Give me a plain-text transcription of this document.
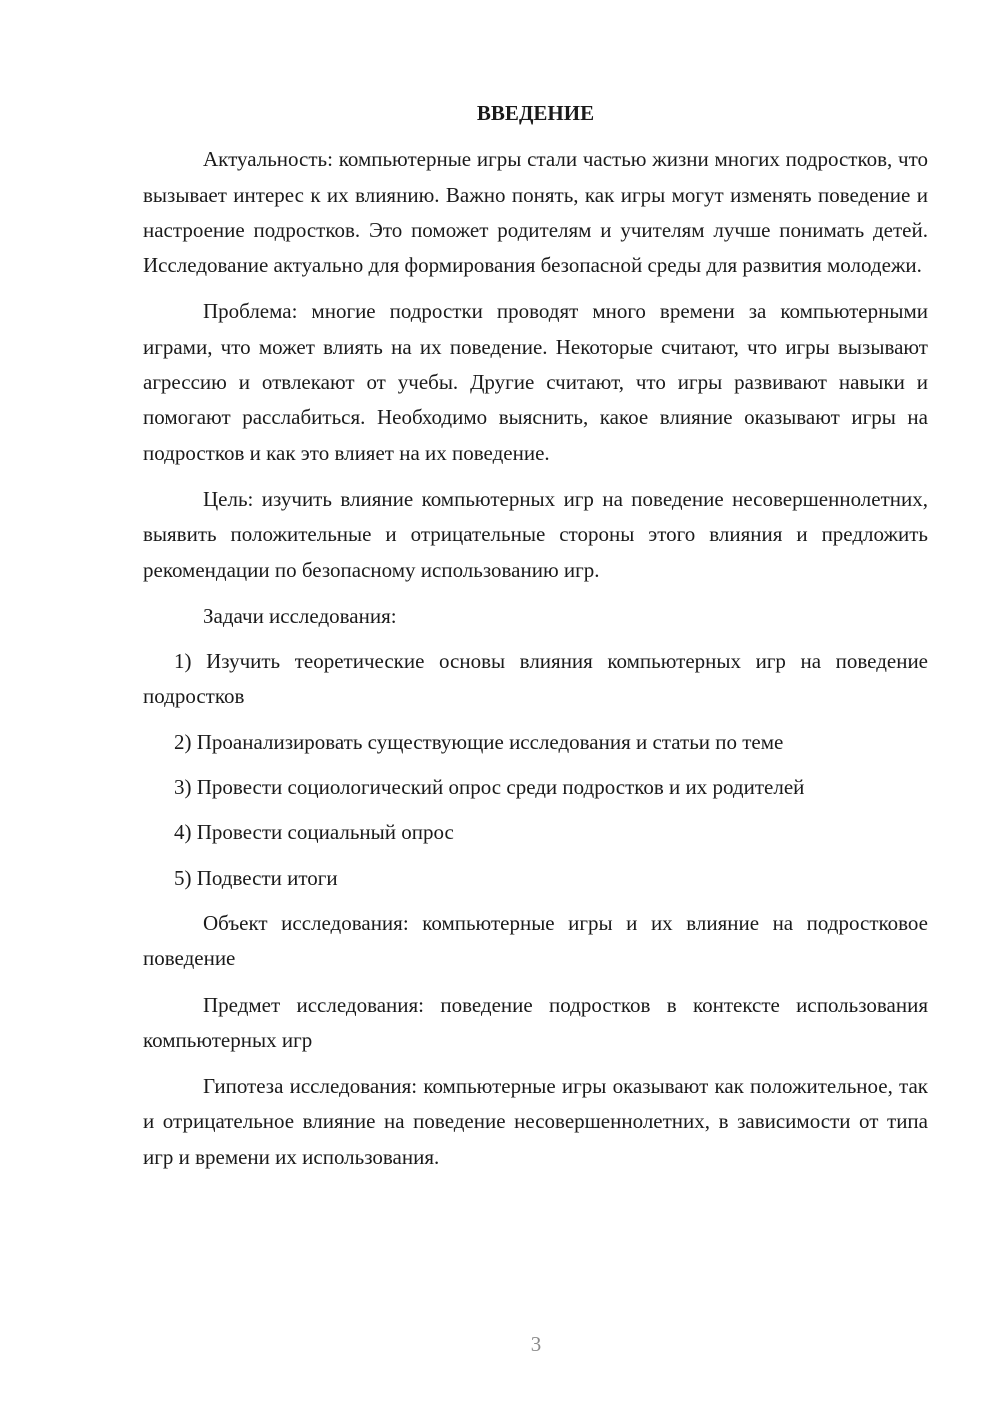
ВВЕДЕНИЕ

Актуальность: компьютерные игры стали частью жизни многих подростков, что вызывает интерес к их влиянию. Важно понять, как игры могут изменять поведение и настроение подростков. Это поможет родителям и учителям лучше понимать детей. Исследование актуально для формирования безопасной среды для развития молодежи.

Проблема: многие подростки проводят много времени за компьютерными играми, что может влиять на их поведение. Некоторые считают, что игры вызывают агрессию и отвлекают от учебы. Другие считают, что игры развивают навыки и помогают расслабиться. Необходимо выяснить, какое влияние оказывают игры на подростков и как это влияет на их поведение.

Цель: изучить влияние компьютерных игр на поведение несовершеннолетних, выявить положительные и отрицательные стороны этого влияния и предложить рекомендации по безопасному использованию игр.

Задачи исследования:

1) Изучить теоретические основы влияния компьютерных игр на поведение подростков

2) Проанализировать существующие исследования и статьи по теме

3) Провести социологический опрос среди подростков и их родителей

4) Провести социальный опрос

5) Подвести итоги

Объект исследования: компьютерные игры и их влияние на подростковое поведение

Предмет исследования: поведение подростков в контексте использования компьютерных игр

Гипотеза исследования: компьютерные игры оказывают как положительное, так и отрицательное влияние на поведение несовершеннолетних, в зависимости от типа игр и времени их использования.

3
